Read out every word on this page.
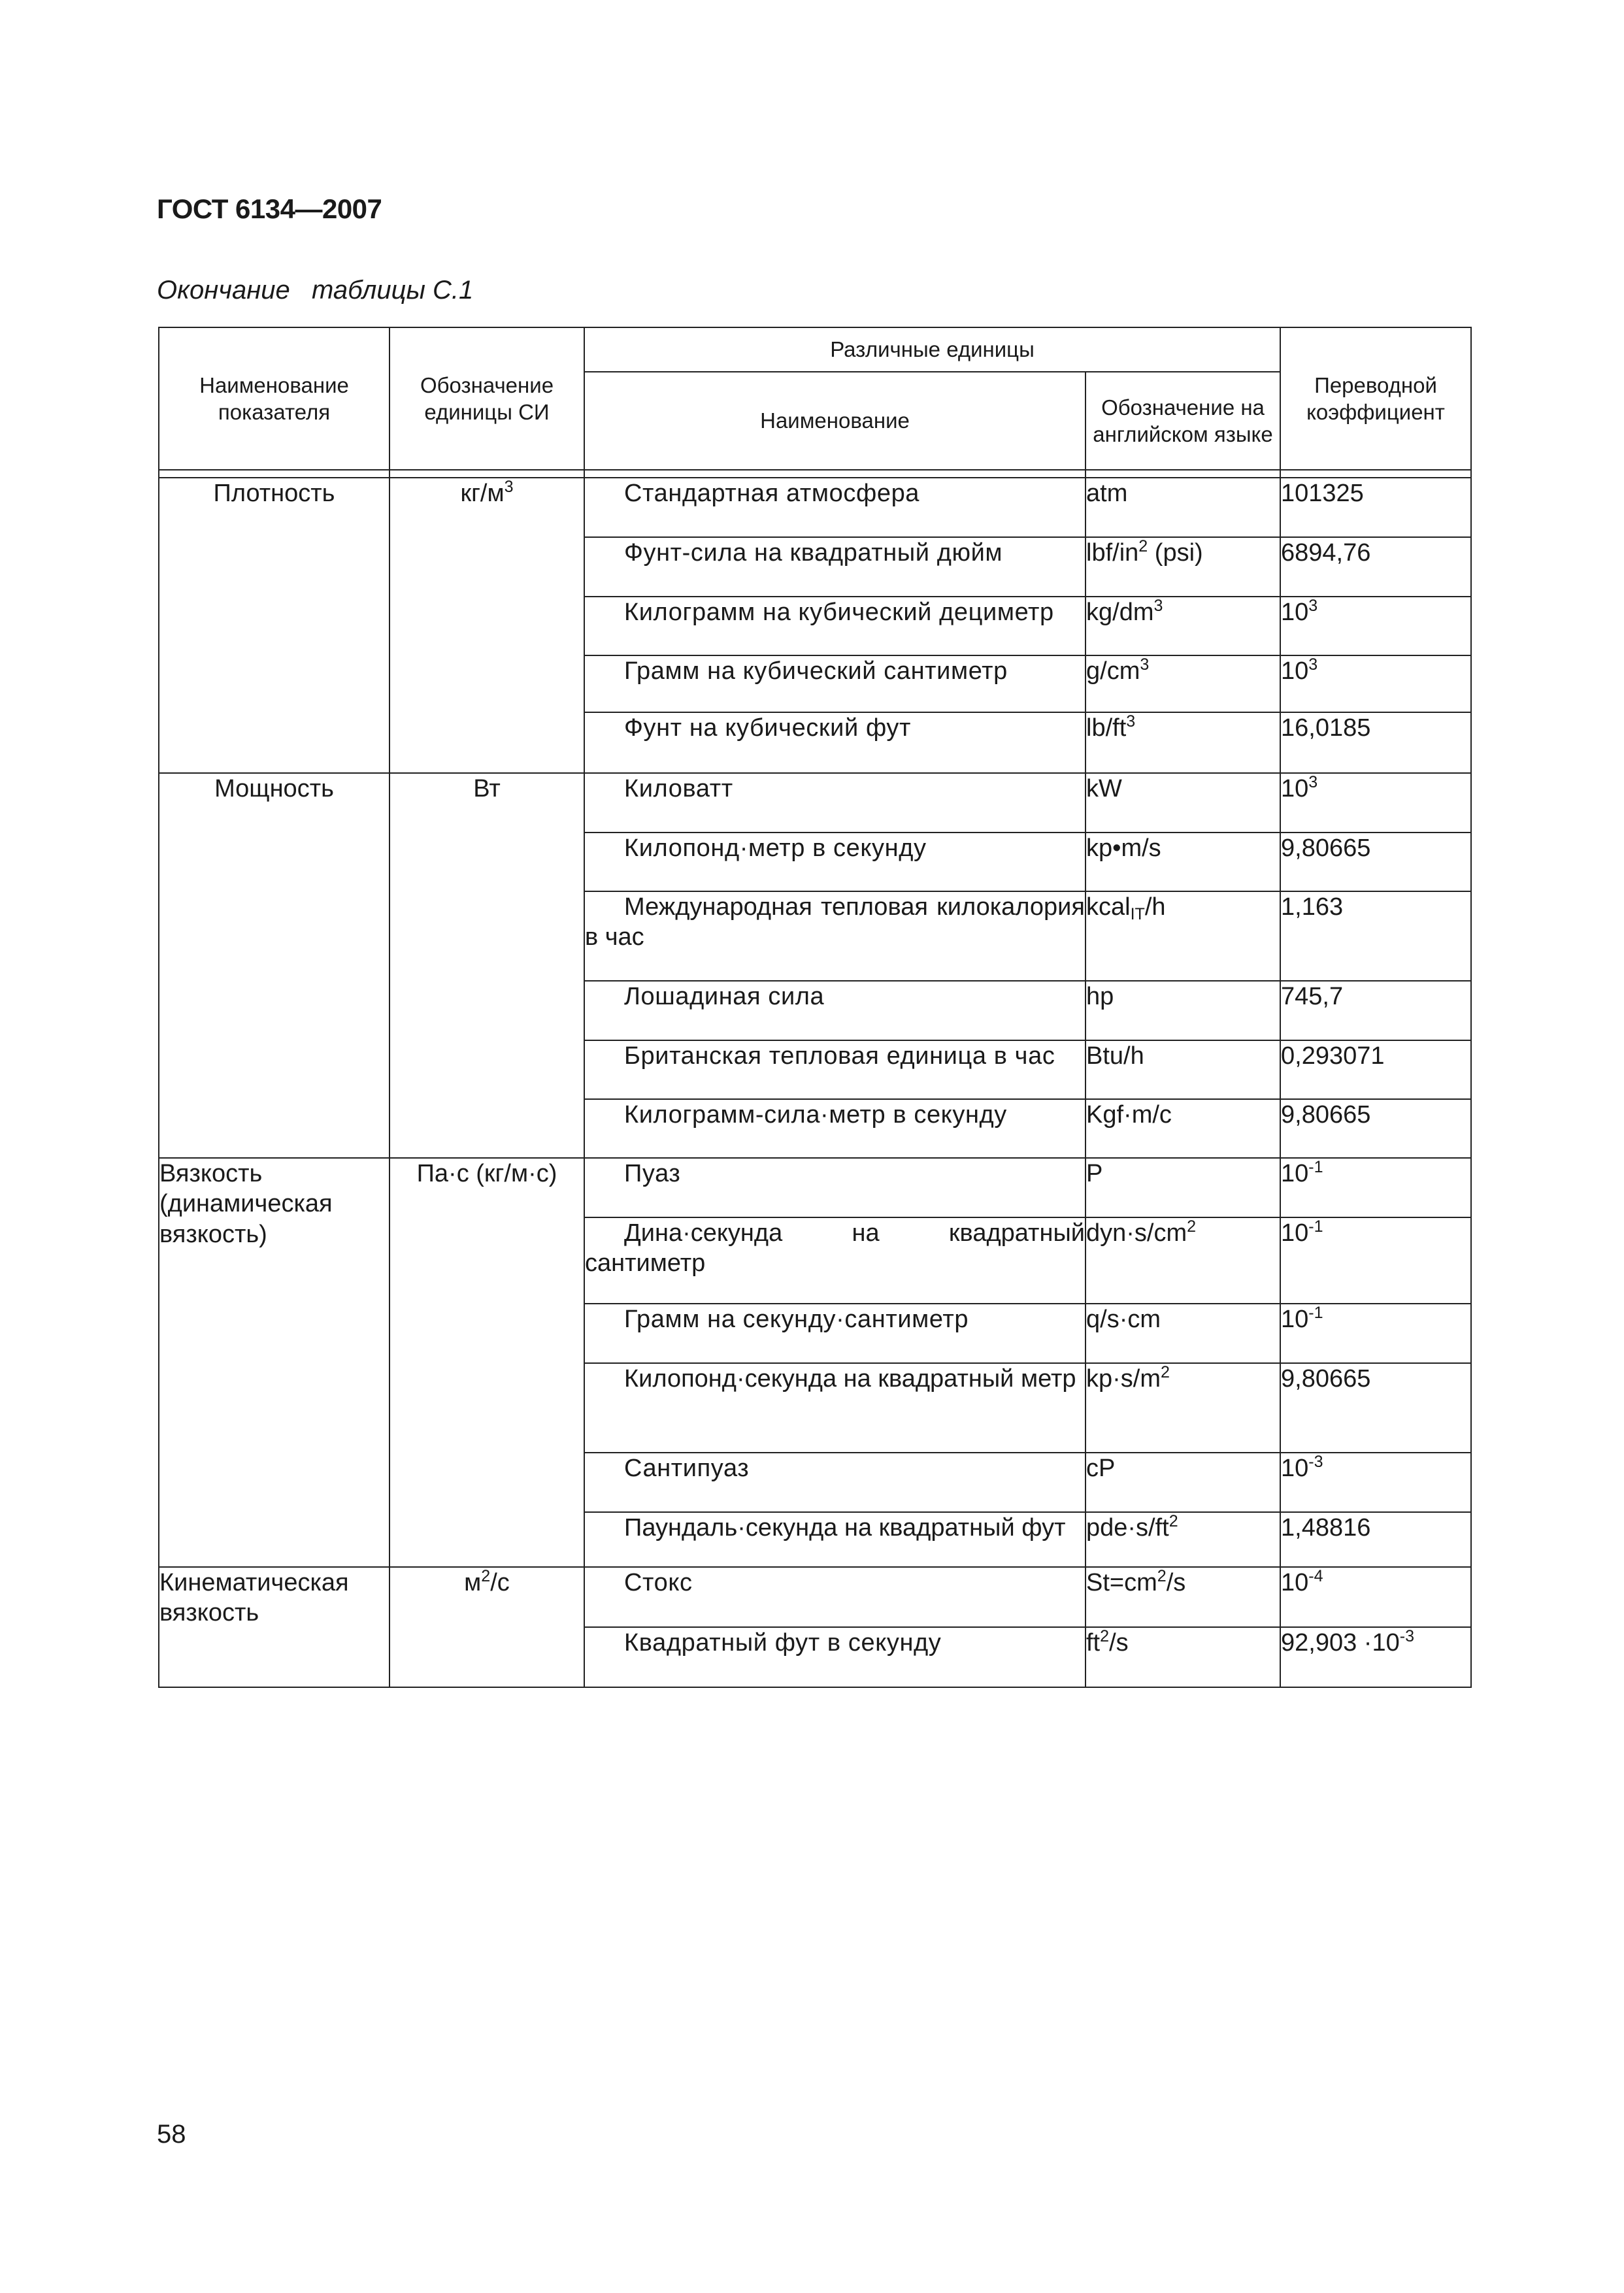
ГОСТ 6134—2007
Окончание   таблицы С.1
Наименование показателя	Обозначение единицы СИ	Различные единицы		Переводной коэффициент
		Наименование	Обозначение на английском языке	

Плотность	$кг/м^3$	Стандартная атмосфера	atm	101325
		Фунт-сила на квадратный дюйм	lbf/$in^2$ (psi)	6894,76
		Килограмм на кубический дециметр	$kg/dm^3$	$10^3$
		Грамм на кубический сантиметр	$g/cm^3$	$10^3$
		Фунт на кубический фут	$lb/ft^3$	16,0185

Мощность	Вт	Киловатт	kW	$10^3$
		Килопонд·метр в секунду	kp•m/s	9,80665
		Международная тепловая килокалория в час	kcal$_{IT}$/h	1,163
		Лошадиная сила	hp	745,7
		Британская тепловая единица в час	Btu/h	0,293071
		Килограмм-сила·метр в секунду	Kgf·m/c	9,80665

Вязкость (динамическая вязкость)	Па·с (кг/м·с)	Пуаз	P	$10^{-1}$
		Дина·секунда на квадратный сантиметр	$dyn\cdot s/cm^2$	$10^{-1}$
		Грамм на секунду·сантиметр	q/s·cm	$10^{-1}$
		Килопонд·секунда на квадратный метр	$kp\cdot s/m^2$	9,80665
		Сантипуаз	cP	$10^{-3}$
		Паундаль·секунда на квадратный фут	$pde\cdot s/ft^2$	1,48816

Кинематическая вязкость	$м^2/с$	Стокс	$St=cm^2/s$	$10^{-4}$
		Квадратный фут в секунду	$ft^2/s$	$92,903 \cdot 10^{-3}$
58
